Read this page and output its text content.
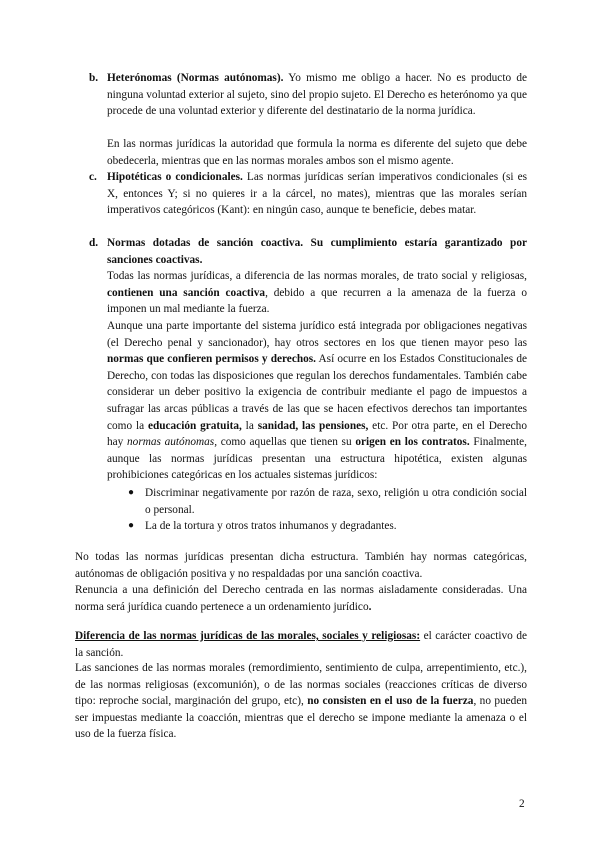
b. Heterónomas (Normas autónomas). Yo mismo me obligo a hacer. No es producto de ninguna voluntad exterior al sujeto, sino del propio sujeto. El Derecho es heterónomo ya que procede de una voluntad exterior y diferente del destinatario de la norma jurídica.

En las normas jurídicas la autoridad que formula la norma es diferente del sujeto que debe obedecerla, mientras que en las normas morales ambos son el mismo agente.

c. Hipotéticas o condicionales. Las normas jurídicas serían imperativos condicionales (si es X, entonces Y; si no quieres ir a la cárcel, no mates), mientras que las morales serían imperativos categóricos (Kant): en ningún caso, aunque te beneficie, debes matar.

d. Normas dotadas de sanción coactiva. Su cumplimiento estaría garantizado por sanciones coactivas.

Todas las normas jurídicas, a diferencia de las normas morales, de trato social y religiosas, contienen una sanción coactiva, debido a que recurren a la amenaza de la fuerza o imponen un mal mediante la fuerza.

Aunque una parte importante del sistema jurídico está integrada por obligaciones negativas (el Derecho penal y sancionador), hay otros sectores en los que tienen mayor peso las normas que confieren permisos y derechos. Así ocurre en los Estados Constitucionales de Derecho, con todas las disposiciones que regulan los derechos fundamentales. También cabe considerar un deber positivo la exigencia de contribuir mediante el pago de impuestos a sufragar las arcas públicas a través de las que se hacen efectivos derechos tan importantes como la educación gratuita, la sanidad, las pensiones, etc. Por otra parte, en el Derecho hay normas autónomas, como aquellas que tienen su origen en los contratos. Finalmente, aunque las normas jurídicas presentan una estructura hipotética, existen algunas prohibiciones categóricas en los actuales sistemas jurídicos:

● Discriminar negativamente por razón de raza, sexo, religión u otra condición social o personal.

● La de la tortura y otros tratos inhumanos y degradantes.

No todas las normas jurídicas presentan dicha estructura. También hay normas categóricas, autónomas de obligación positiva y no respaldadas por una sanción coactiva.

Renuncia a una definición del Derecho centrada en las normas aisladamente consideradas. Una norma será jurídica cuando pertenece a un ordenamiento jurídico.

Diferencia de las normas jurídicas de las morales, sociales y religiosas: el carácter coactivo de la sanción.

Las sanciones de las normas morales (remordimiento, sentimiento de culpa, arrepentimiento, etc.), de las normas religiosas (excomunión), o de las normas sociales (reacciones críticas de diverso tipo: reproche social, marginación del grupo, etc), no consisten en el uso de la fuerza, no pueden ser impuestas mediante la coacción, mientras que el derecho se impone mediante la amenaza o el uso de la fuerza física.

2
